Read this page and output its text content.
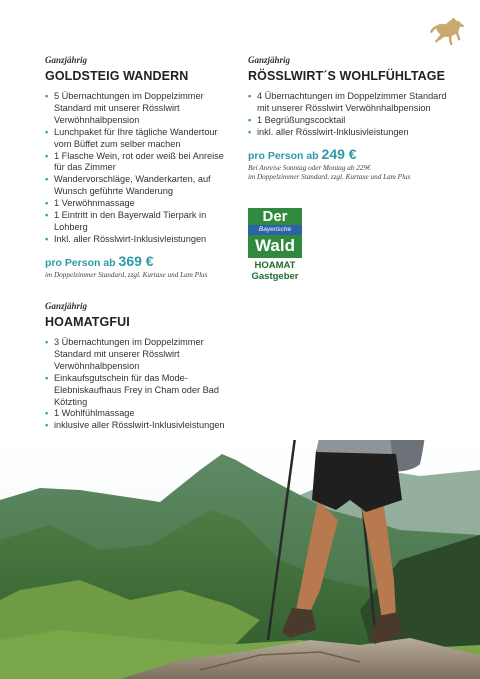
Ganzjährig
GOLDSTEIG WANDERN
• 5 Übernachtungen im Doppelzimmer Standard mit unserer Rösslwirt Verwöhnhalbpension
• Lunchpaket für Ihre tägliche Wandertour vom Büffet zum selber machen
• 1 Flasche Wein, rot oder weiß bei Anreise für das Zimmer
• Wandervorschläge, Wanderkarten, auf Wunsch geführte Wanderung
• 1 Verwöhnmassage
• 1 Eintritt in den Bayerwald Tierpark in Lohberg
• Inkl. aller Rösslwirt-Inklusivleistungen
pro Person ab 369 €
im Doppelzimmer Standard, zzgl. Kurtaxe und Lam Plus
Ganzjährig
RÖSSLWIRT´S WOHLFÜHLTAGE
• 4 Übernachtungen im Doppelzimmer Standard mit unserer Rösslwirt Verwöhnhalbpension
• 1 Begrüßungscocktail
• inkl. aller Rösslwirt-Inklusivleistungen
pro Person ab 249 €
Bei Anreise Sonntag oder Montag ab 229€
im Doppelzimmer Standard, zzgl. Kurtaxe und Lam Plus
Der
Bayerische
Wald
HOAMAT
Gastgeber
Ganzjährig
HOAMATGFUI
• 3 Übernachtungen im Doppelzimmer Standard mit unserer Rösslwirt Verwöhnhalbpension
• Einkaufsgutschein für das Mode-Elebniskaufhaus Frey in Cham oder Bad Kötzting
• 1 Wohlfühlmassage
• inklusive aller Rösslwirt-Inklusivleistungen
